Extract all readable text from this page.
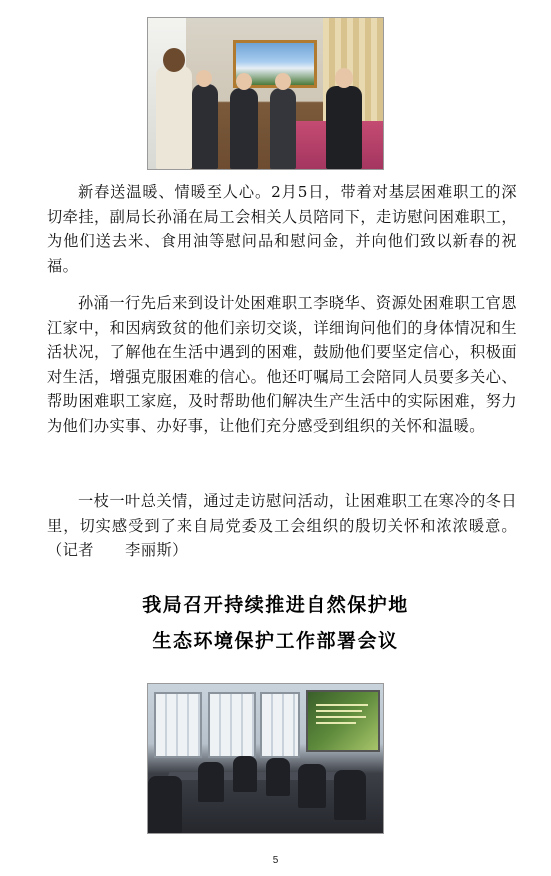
新春送温暖、情暖至人心。2月5日，带着对基层困难职工的深切牵挂，副局长孙涌在局工会相关人员陪同下，走访慰问困难职工，为他们送去米、食用油等慰问品和慰问金，并向他们致以新春的祝福。

孙涌一行先后来到设计处困难职工李晓华、资源处困难职工官恩江家中，和因病致贫的他们亲切交谈，详细询问他们的身体情况和生活状况，了解他在生活中遇到的困难，鼓励他们要坚定信心，积极面对生活，增强克服困难的信心。他还叮嘱局工会陪同人员要多关心、帮助困难职工家庭，及时帮助他们解决生产生活中的实际困难，努力为他们办实事、办好事，让他们充分感受到组织的关怀和温暖。

一枝一叶总关情，通过走访慰问活动，让困难职工在寒冷的冬日里，切实感受到了来自局党委及工会组织的殷切关怀和浓浓暖意。（记者　　李丽斯）

我局召开持续推进自然保护地
生态环境保护工作部署会议
5
